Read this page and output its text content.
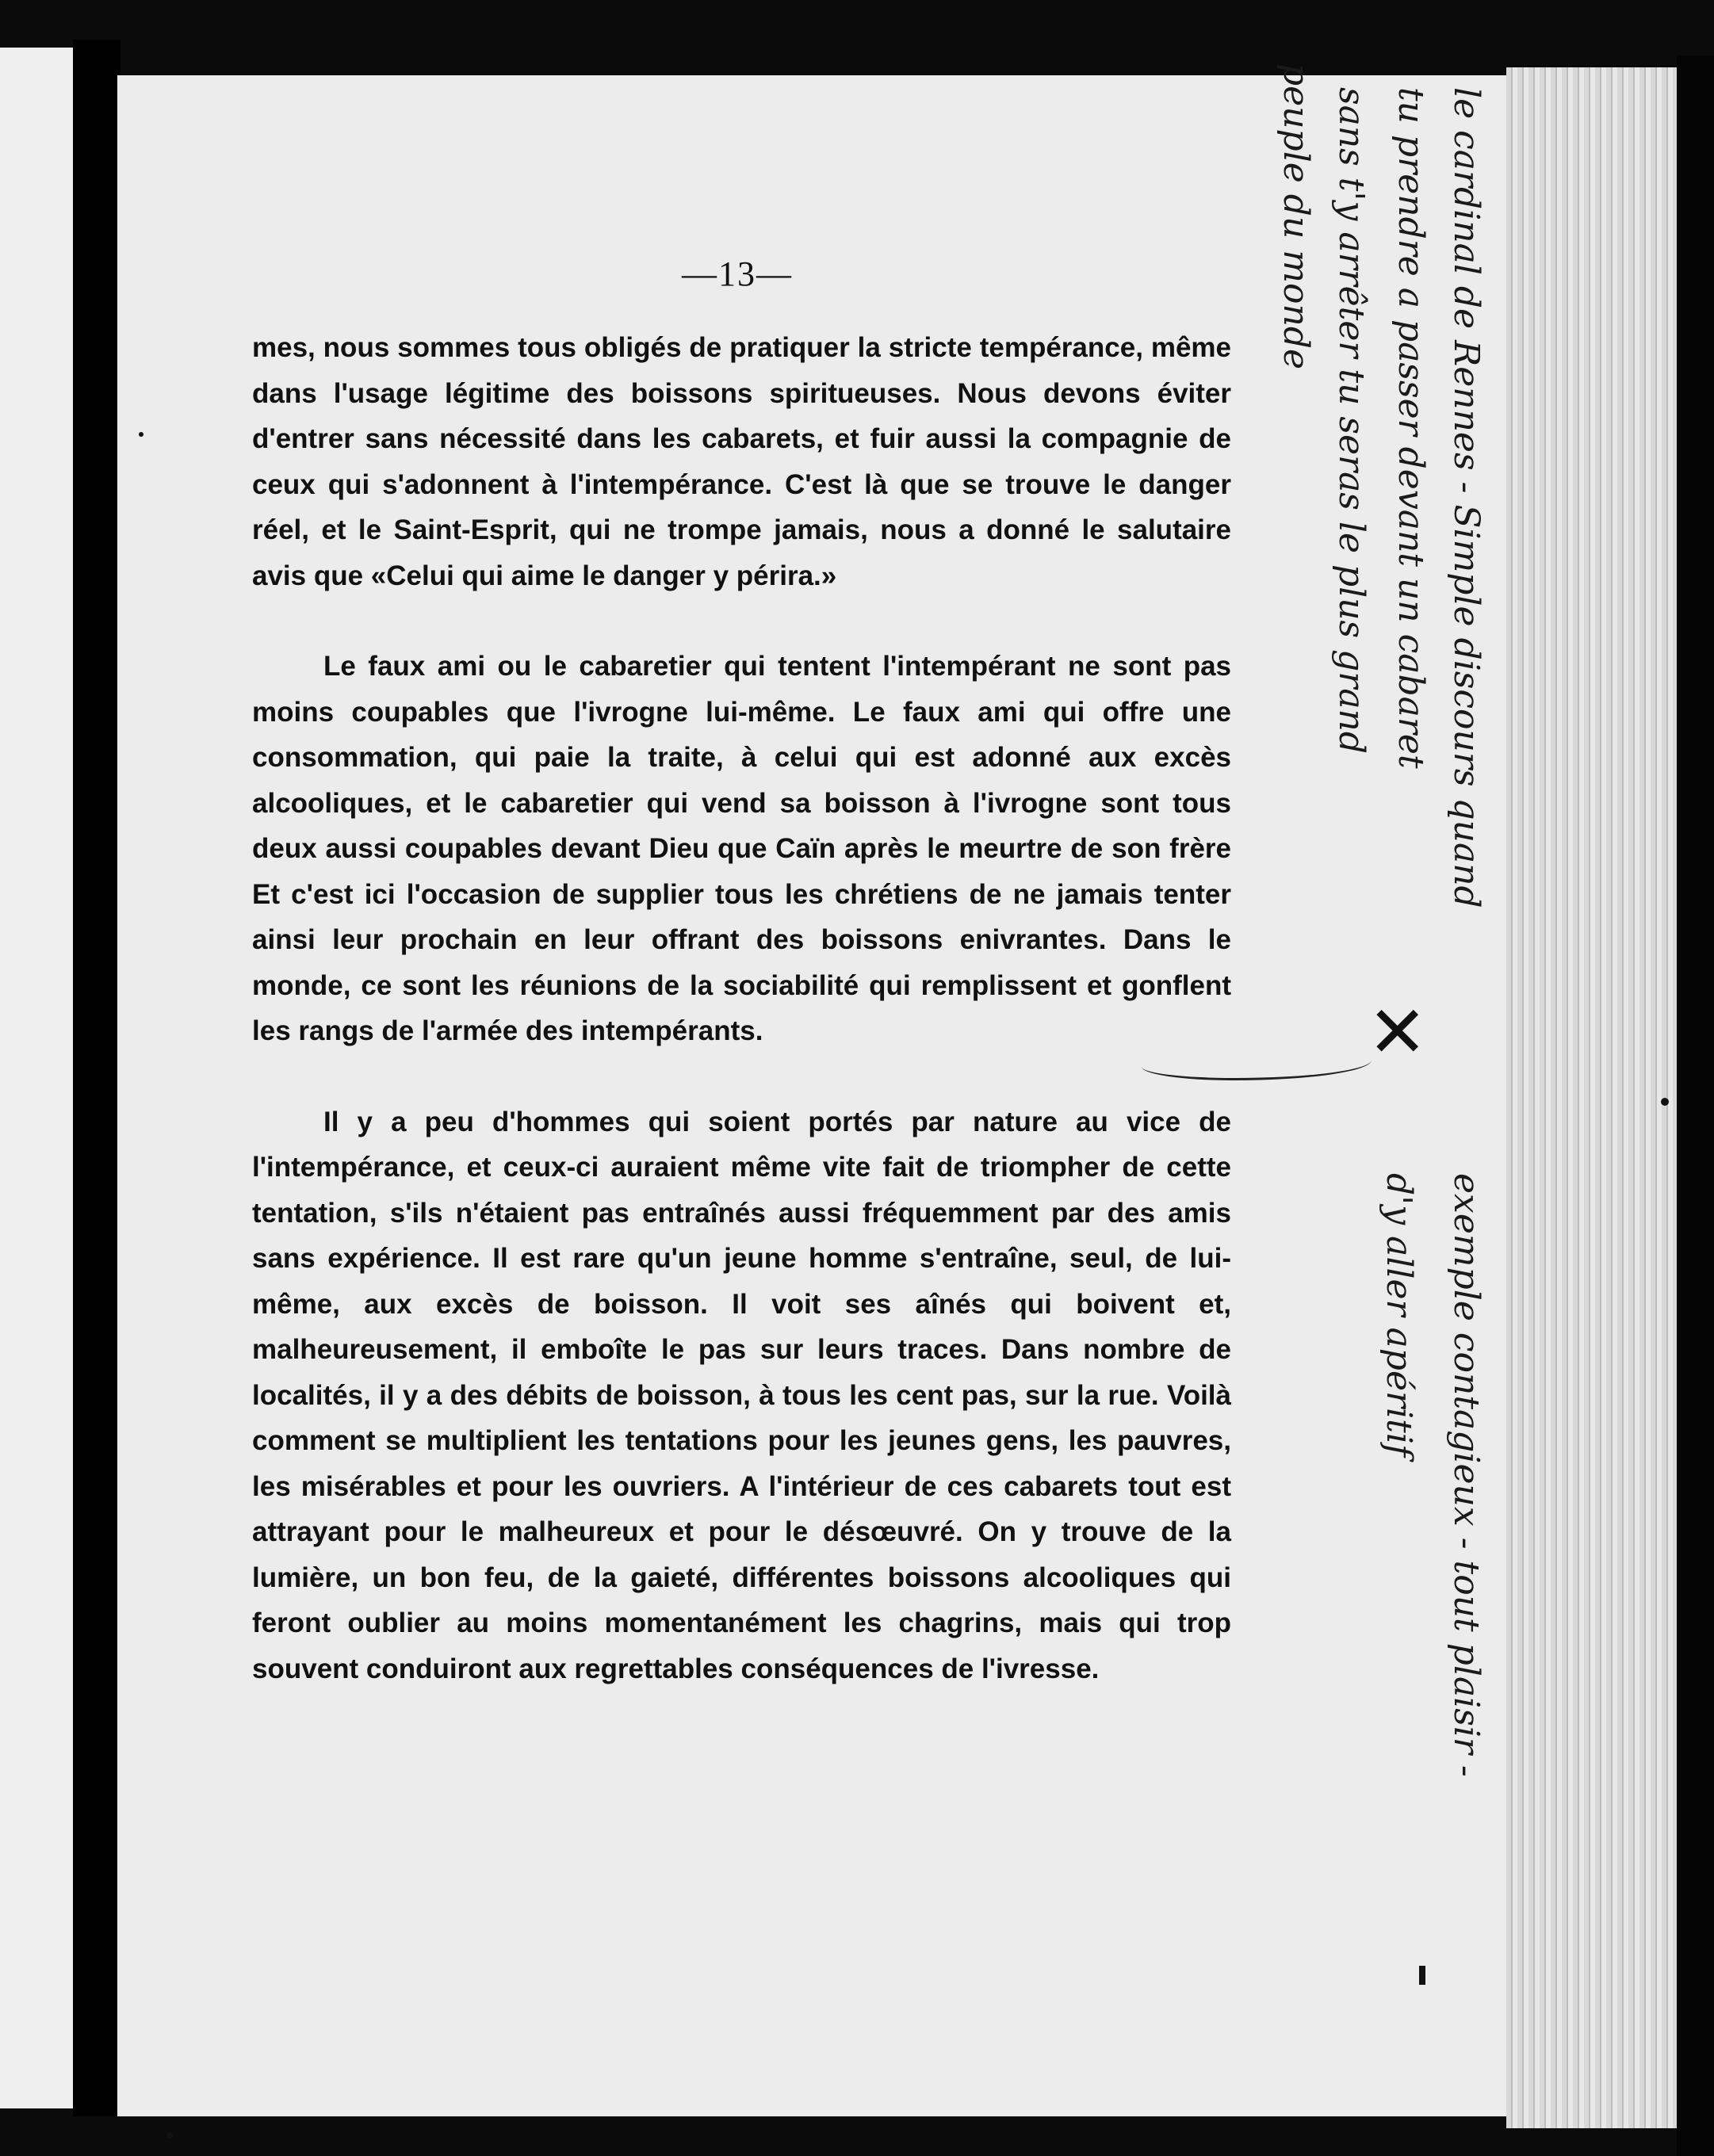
—13—

mes, nous sommes tous obligés de pratiquer la stricte tempérance, même dans l'usage légitime des boissons spiritueuses. Nous devons éviter d'entrer sans nécessité dans les cabarets, et fuir aussi la compagnie de ceux qui s'adonnent à l'intempérance. C'est là que se trouve le danger réel, et le Saint-Esprit, qui ne trompe jamais, nous a donné le salutaire avis que «Celui qui aime le danger y périra.»

Le faux ami ou le cabaretier qui tentent l'intempérant ne sont pas moins coupables que l'ivrogne lui-même. Le faux ami qui offre une consommation, qui paie la traite, à celui qui est adonné aux excès alcooliques, et le cabaretier qui vend sa boisson à l'ivrogne sont tous deux aussi coupables devant Dieu que Caïn après le meurtre de son frère Et c'est ici l'occasion de supplier tous les chrétiens de ne jamais tenter ainsi leur prochain en leur offrant des boissons enivrantes. Dans le monde, ce sont les réunions de la sociabilité qui remplissent et gonflent les rangs de l'armée des intempérants.

Il y a peu d'hommes qui soient portés par nature au vice de l'intempérance, et ceux-ci auraient même vite fait de triompher de cette tentation, s'ils n'étaient pas entraînés aussi fréquemment par des amis sans expérience. Il est rare qu'un jeune homme s'entraîne, seul, de lui-même, aux excès de boisson. Il voit ses aînés qui boivent et, malheureusement, il emboîte le pas sur leurs traces. Dans nombre de localités, il y a des débits de boisson, à tous les cent pas, sur la rue. Voilà comment se multiplient les tentations pour les jeunes gens, les pauvres, les misérables et pour les ouvriers. A l'intérieur de ces cabarets tout est attrayant pour le malheureux et pour le désœuvré. On y trouve de la lumière, un bon feu, de la gaieté, différentes boissons alcooliques qui feront oublier au moins momentanément les chagrins, mais qui trop souvent conduiront aux regrettables conséquences de l'ivresse.

le cardinal de Rennes - Simple discours quand
tu prendre a passer devant un cabaret
sans t'y arrêter tu seras le plus grand
peuple du monde
exemple contagieux - tout plaisir -
d'y aller apéritif
✕
